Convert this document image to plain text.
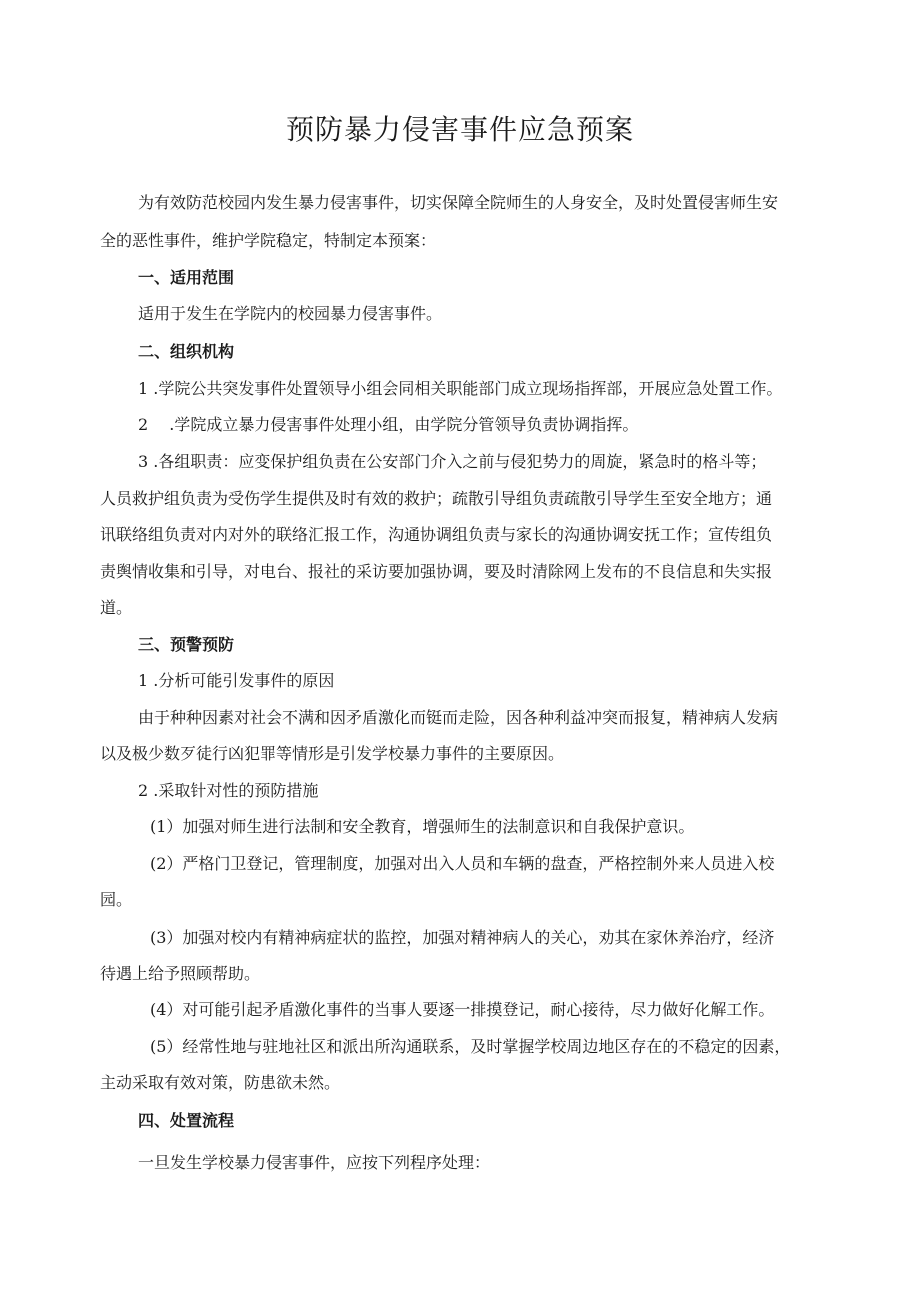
预防暴力侵害事件应急预案

为有效防范校园内发生暴力侵害事件，切实保障全院师生的人身安全，及时处置侵害师生安

全的恶性事件，维护学院稳定，特制定本预案：

一、适用范围

适用于发生在学院内的校园暴力侵害事件。

二、组织机构

1 .学院公共突发事件处置领导小组会同相关职能部门成立现场指挥部，开展应急处置工作。

2 　.学院成立暴力侵害事件处理小组，由学院分管领导负责协调指挥。

3 .各组职责：应变保护组负责在公安部门介入之前与侵犯势力的周旋，紧急时的格斗等；

人员救护组负责为受伤学生提供及时有效的救护；疏散引导组负责疏散引导学生至安全地方；通

讯联络组负责对内对外的联络汇报工作，沟通协调组负责与家长的沟通协调安抚工作；宣传组负

责舆情收集和引导，对电台、报社的采访要加强协调，要及时清除网上发布的不良信息和失实报

道。

三、预警预防

1 .分析可能引发事件的原因

由于种种因素对社会不满和因矛盾激化而铤而走险，因各种利益冲突而报复，精神病人发病

以及极少数歹徒行凶犯罪等情形是引发学校暴力事件的主要原因。

2 .采取针对性的预防措施

(1）加强对师生进行法制和安全教育，增强师生的法制意识和自我保护意识。

(2）严格门卫登记，管理制度，加强对出入人员和车辆的盘查，严格控制外来人员进入校

园。

(3）加强对校内有精神病症状的监控，加强对精神病人的关心，劝其在家休养治疗，经济

待遇上给予照顾帮助。

(4）对可能引起矛盾激化事件的当事人要逐一排摸登记，耐心接待，尽力做好化解工作。

(5）经常性地与驻地社区和派出所沟通联系，及时掌握学校周边地区存在的不稳定的因素，

主动采取有效对策，防患欲未然。

四、处置流程

一旦发生学校暴力侵害事件，应按下列程序处理：
